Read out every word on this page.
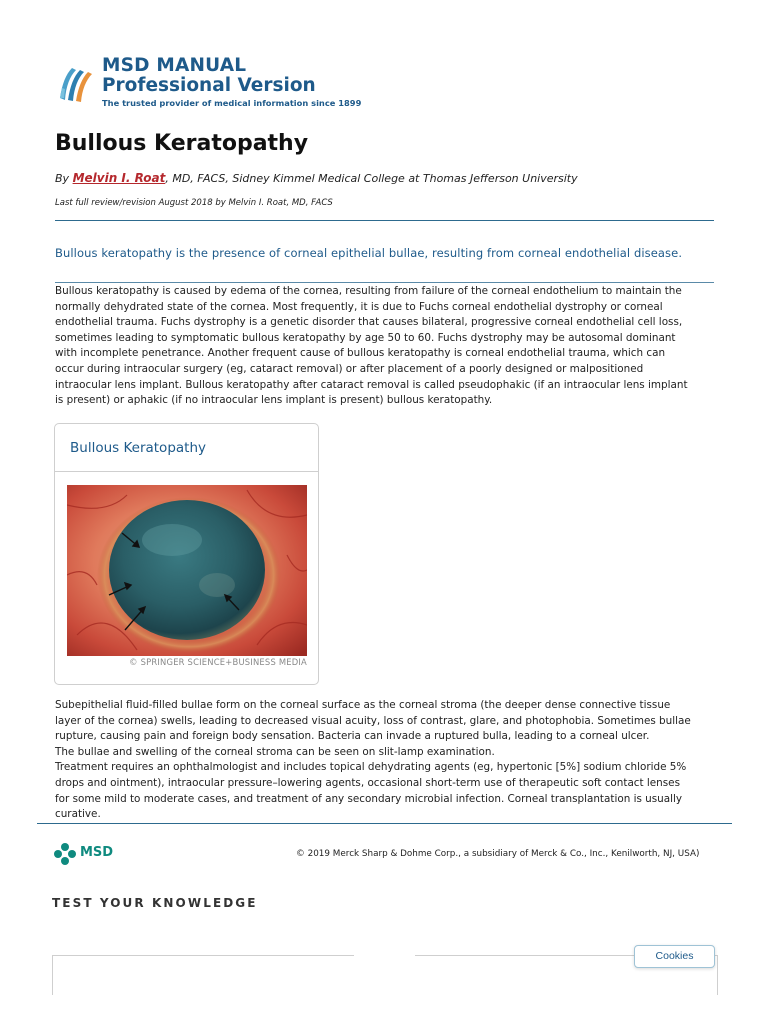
MSD MANUAL
Professional Version
The trusted provider of medical information since 1899
Bullous Keratopathy
By Melvin I. Roat, MD, FACS, Sidney Kimmel Medical College at Thomas Jefferson University
Last full review/revision August 2018 by Melvin I. Roat, MD, FACS
Bullous keratopathy is the presence of corneal epithelial bullae, resulting from corneal endothelial disease.

Bullous keratopathy is caused by edema of the cornea, resulting from failure of the corneal endothelium to maintain the

normally dehydrated state of the cornea. Most frequently, it is due to Fuchs corneal endothelial dystrophy or corneal

endothelial trauma. Fuchs dystrophy is a genetic disorder that causes bilateral, progressive corneal endothelial cell loss,

sometimes leading to symptomatic bullous keratopathy by age 50 to 60. Fuchs dystrophy may be autosomal dominant

with incomplete penetrance. Another frequent cause of bullous keratopathy is corneal endothelial trauma, which can

occur during intraocular surgery (eg, cataract removal) or after placement of a poorly designed or malpositioned

intraocular lens implant. Bullous keratopathy after cataract removal is called pseudophakic (if an intraocular lens implant

is present) or aphakic (if no intraocular lens implant is present) bullous keratopathy.

Bullous Keratopathy
© SPRINGER SCIENCE+BUSINESS MEDIA

Subepithelial fluid-filled bullae form on the corneal surface as the corneal stroma (the deeper dense connective tissue

layer of the cornea) swells, leading to decreased visual acuity, loss of contrast, glare, and photophobia. Sometimes bullae

rupture, causing pain and foreign body sensation. Bacteria can invade a ruptured bulla, leading to a corneal ulcer.

The bullae and swelling of the corneal stroma can be seen on slit-lamp examination.

Treatment requires an ophthalmologist and includes topical dehydrating agents (eg, hypertonic [5%] sodium chloride 5%

drops and ointment), intraocular pressure–lowering agents, occasional short-term use of therapeutic soft contact lenses

for some mild to moderate cases, and treatment of any secondary microbial infection. Corneal transplantation is usually

curative.

MSD	© 2019 Merck Sharp & Dohme Corp., a subsidiary of Merck & Co., Inc., Kenilworth, NJ, USA)
TEST YOUR KNOWLEDGE
Cookies
